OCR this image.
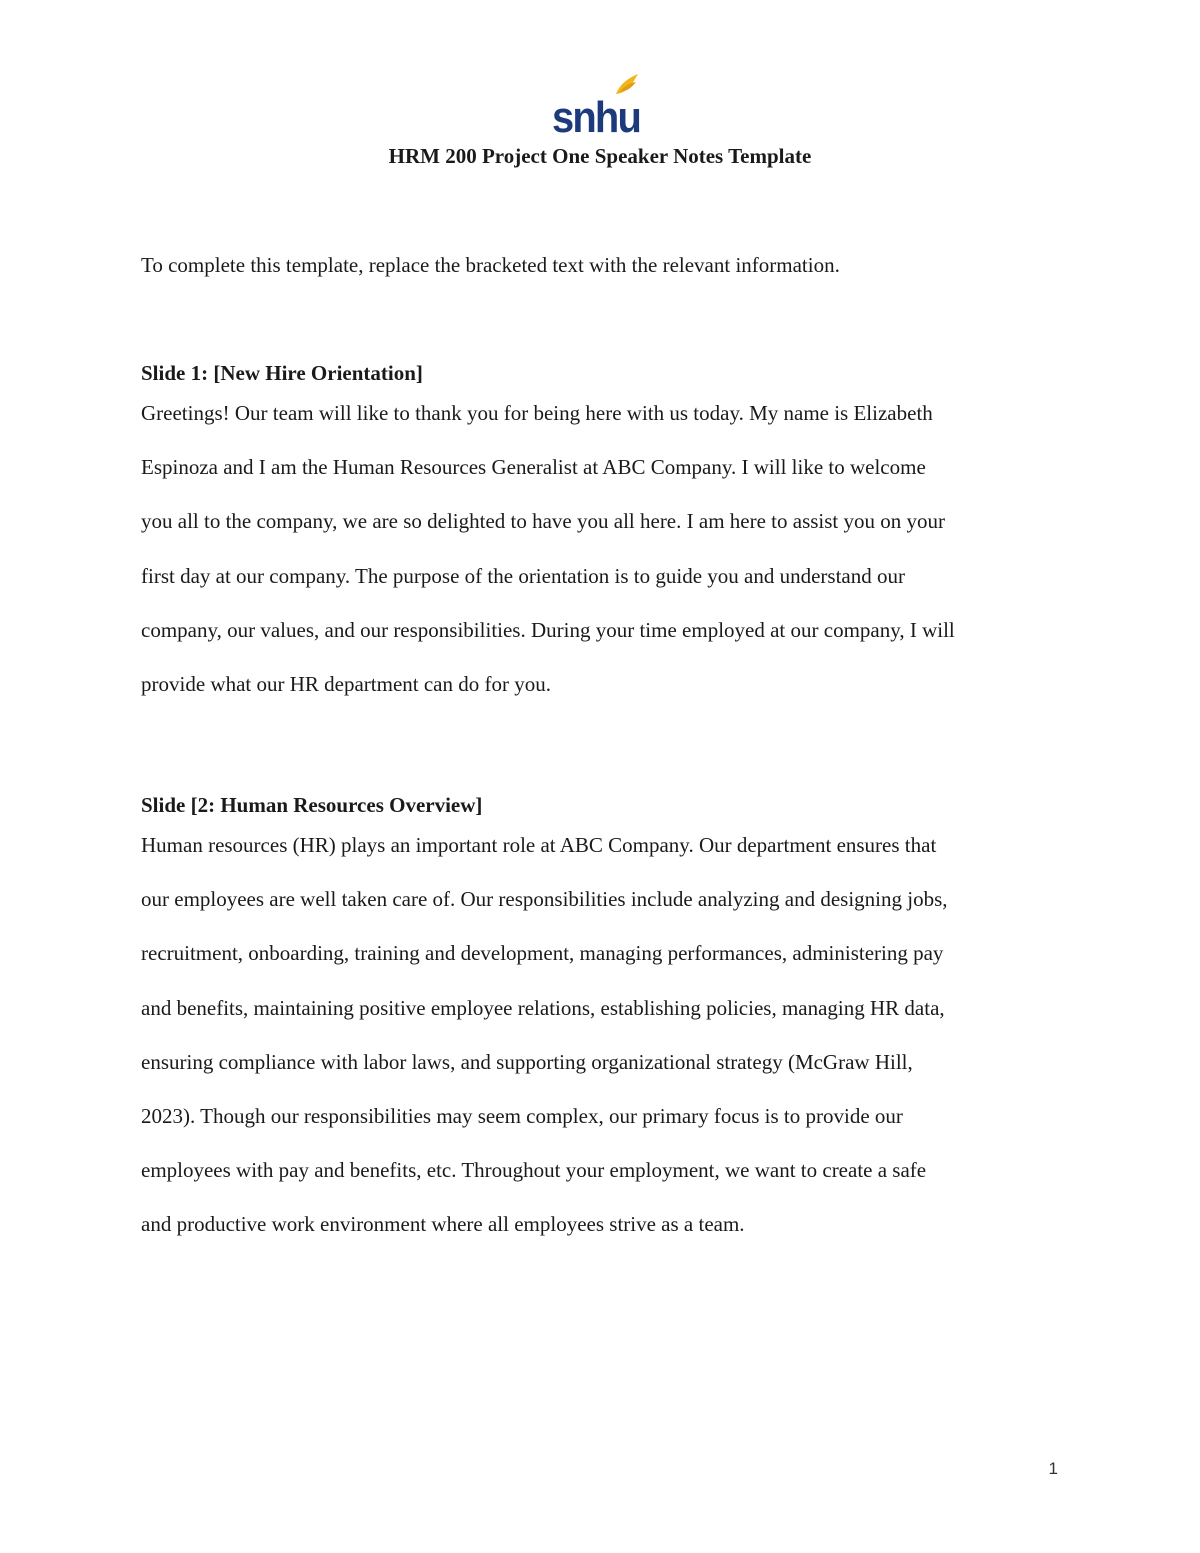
snhu
HRM 200 Project One Speaker Notes Template
To complete this template, replace the bracketed text with the relevant information.

Slide 1: [New Hire Orientation]

Greetings! Our team will like to thank you for being here with us today. My name is Elizabeth
Espinoza and I am the Human Resources Generalist at ABC Company. I will like to welcome
you all to the company, we are so delighted to have you all here. I am here to assist you on your
first day at our company. The purpose of the orientation is to guide you and understand our
company, our values, and our responsibilities. During your time employed at our company, I will
provide what our HR department can do for you.

Slide [2: Human Resources Overview]

Human resources (HR) plays an important role at ABC Company. Our department ensures that
our employees are well taken care of. Our responsibilities include analyzing and designing jobs,
recruitment, onboarding, training and development, managing performances, administering pay
and benefits, maintaining positive employee relations, establishing policies, managing HR data,
ensuring compliance with labor laws, and supporting organizational strategy (McGraw Hill,
2023). Though our responsibilities may seem complex, our primary focus is to provide our
employees with pay and benefits, etc. Throughout your employment, we want to create a safe
and productive work environment where all employees strive as a team.
1
